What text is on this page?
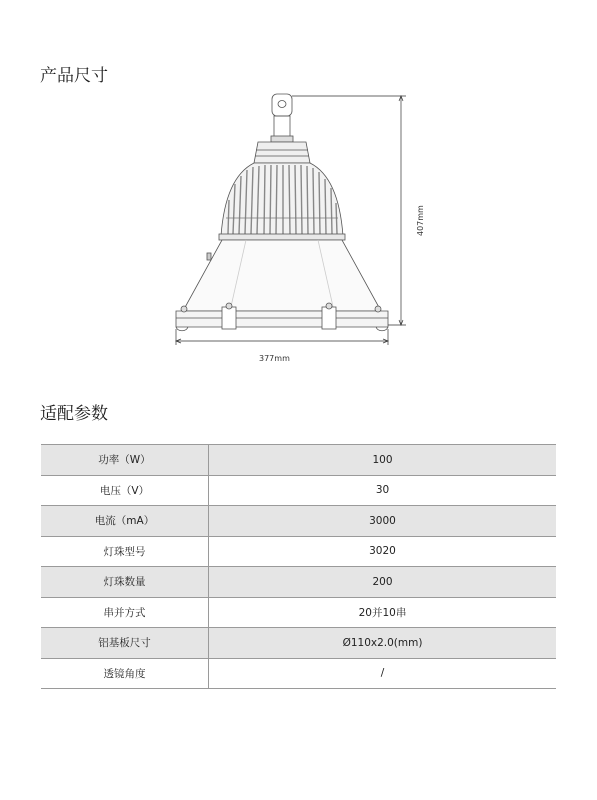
产品尺寸
407mm
377mm
适配参数
功率（W）	100
电压（V）	30
电流（mA）	3000
灯珠型号	3020
灯珠数量	200
串并方式	20并10串
铝基板尺寸	Ø110x2.0(mm)
透镜角度	/
